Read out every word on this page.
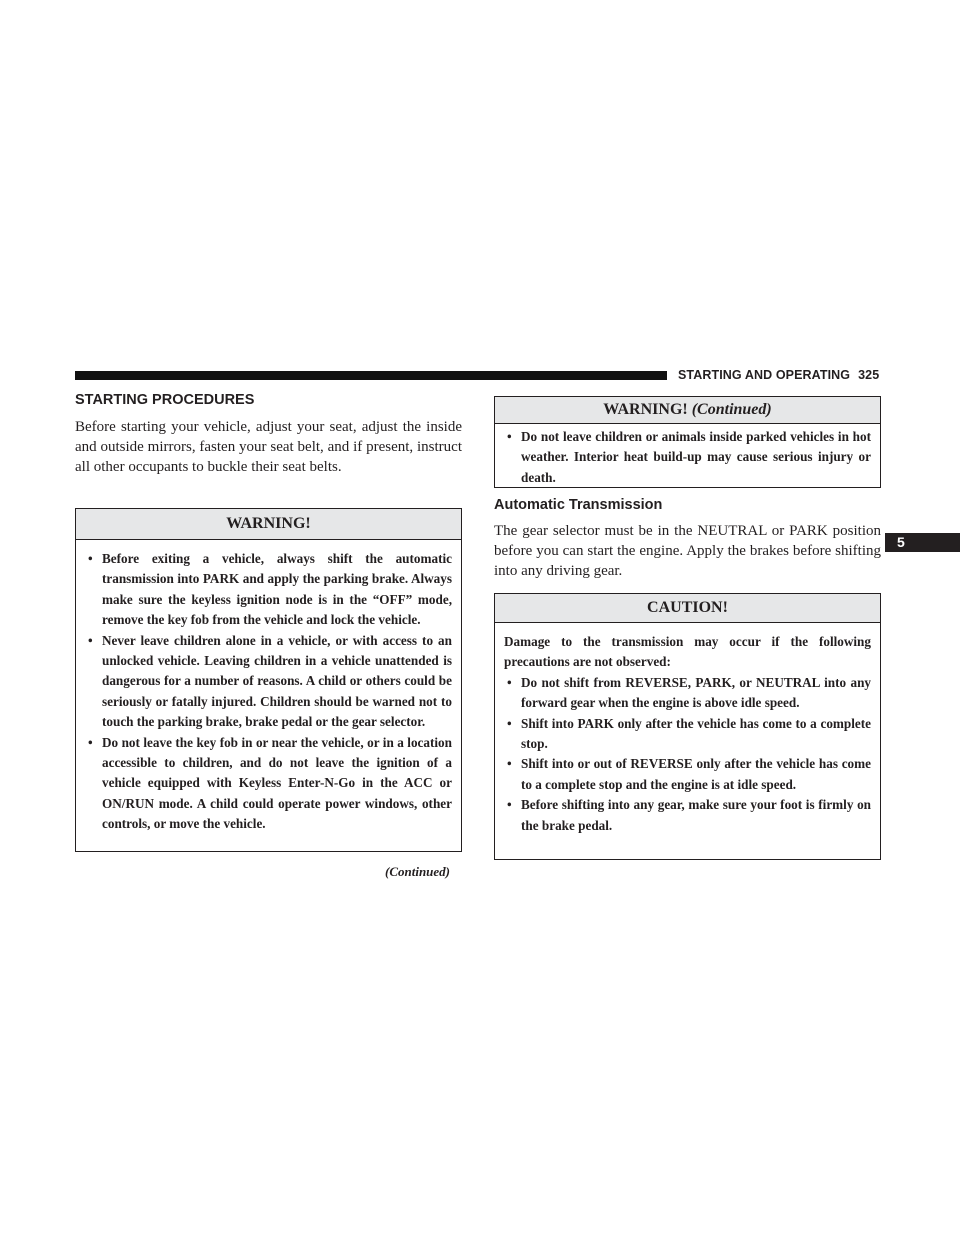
STARTING AND OPERATING 325
5
STARTING PROCEDURES
Before starting your vehicle, adjust your seat, adjust the inside and outside mirrors, fasten your seat belt, and if present, instruct all other occupants to buckle their seat belts.
WARNING!
• Before exiting a vehicle, always shift the automatic transmission into PARK and apply the parking brake. Always make sure the keyless ignition node is in the “OFF” mode, remove the key fob from the vehicle and lock the vehicle.
• Never leave children alone in a vehicle, or with access to an unlocked vehicle. Leaving children in a vehicle unattended is dangerous for a number of reasons. A child or others could be seriously or fatally injured. Children should be warned not to touch the parking brake, brake pedal or the gear selector.
• Do not leave the key fob in or near the vehicle, or in a location accessible to children, and do not leave the ignition of a vehicle equipped with Keyless Enter-N-Go in the ACC or ON/RUN mode. A child could operate power windows, other controls, or move the vehicle.
(Continued)
WARNING! (Continued)
• Do not leave children or animals inside parked vehicles in hot weather. Interior heat build-up may cause serious injury or death.
Automatic Transmission
The gear selector must be in the NEUTRAL or PARK position before you can start the engine. Apply the brakes before shifting into any driving gear.
CAUTION!
Damage to the transmission may occur if the following precautions are not observed:
• Do not shift from REVERSE, PARK, or NEUTRAL into any forward gear when the engine is above idle speed.
• Shift into PARK only after the vehicle has come to a complete stop.
• Shift into or out of REVERSE only after the vehicle has come to a complete stop and the engine is at idle speed.
• Before shifting into any gear, make sure your foot is firmly on the brake pedal.
